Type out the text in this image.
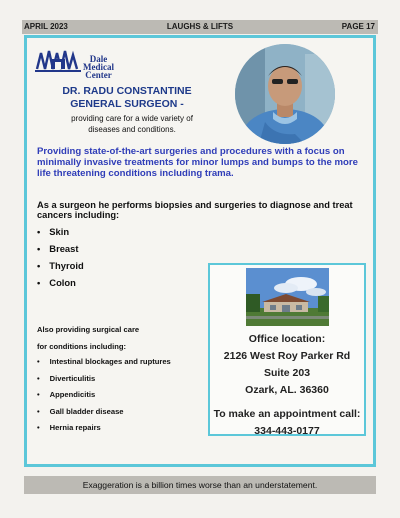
APRIL 2023	LAUGHS & LIFTS	PAGE 17
Dale
Medical
Center
DR. RADU CONSTANTINE
GENERAL SURGEON -
providing care for a wide variety of
diseases and conditions.
Providing state-of-the-art surgeries and procedures with a focus on minimally invasive treatments for minor lumps and bumps to the more life threatening conditions including trama.
As a surgeon he performs biopsies and surgeries to diagnose and treat cancers including:
• Skin
• Breast
• Thyroid
• Colon
Also providing surgical care
for conditions including:
• Intestinal blockages and ruptures
• Diverticulitis
• Appendicitis
• Gall bladder disease
• Hernia repairs
Office location:
2126 West Roy Parker Rd
Suite 203
Ozark, AL. 36360
To make an appointment call:
334-443-0177
Exaggeration is a billion times worse than an understatement.
